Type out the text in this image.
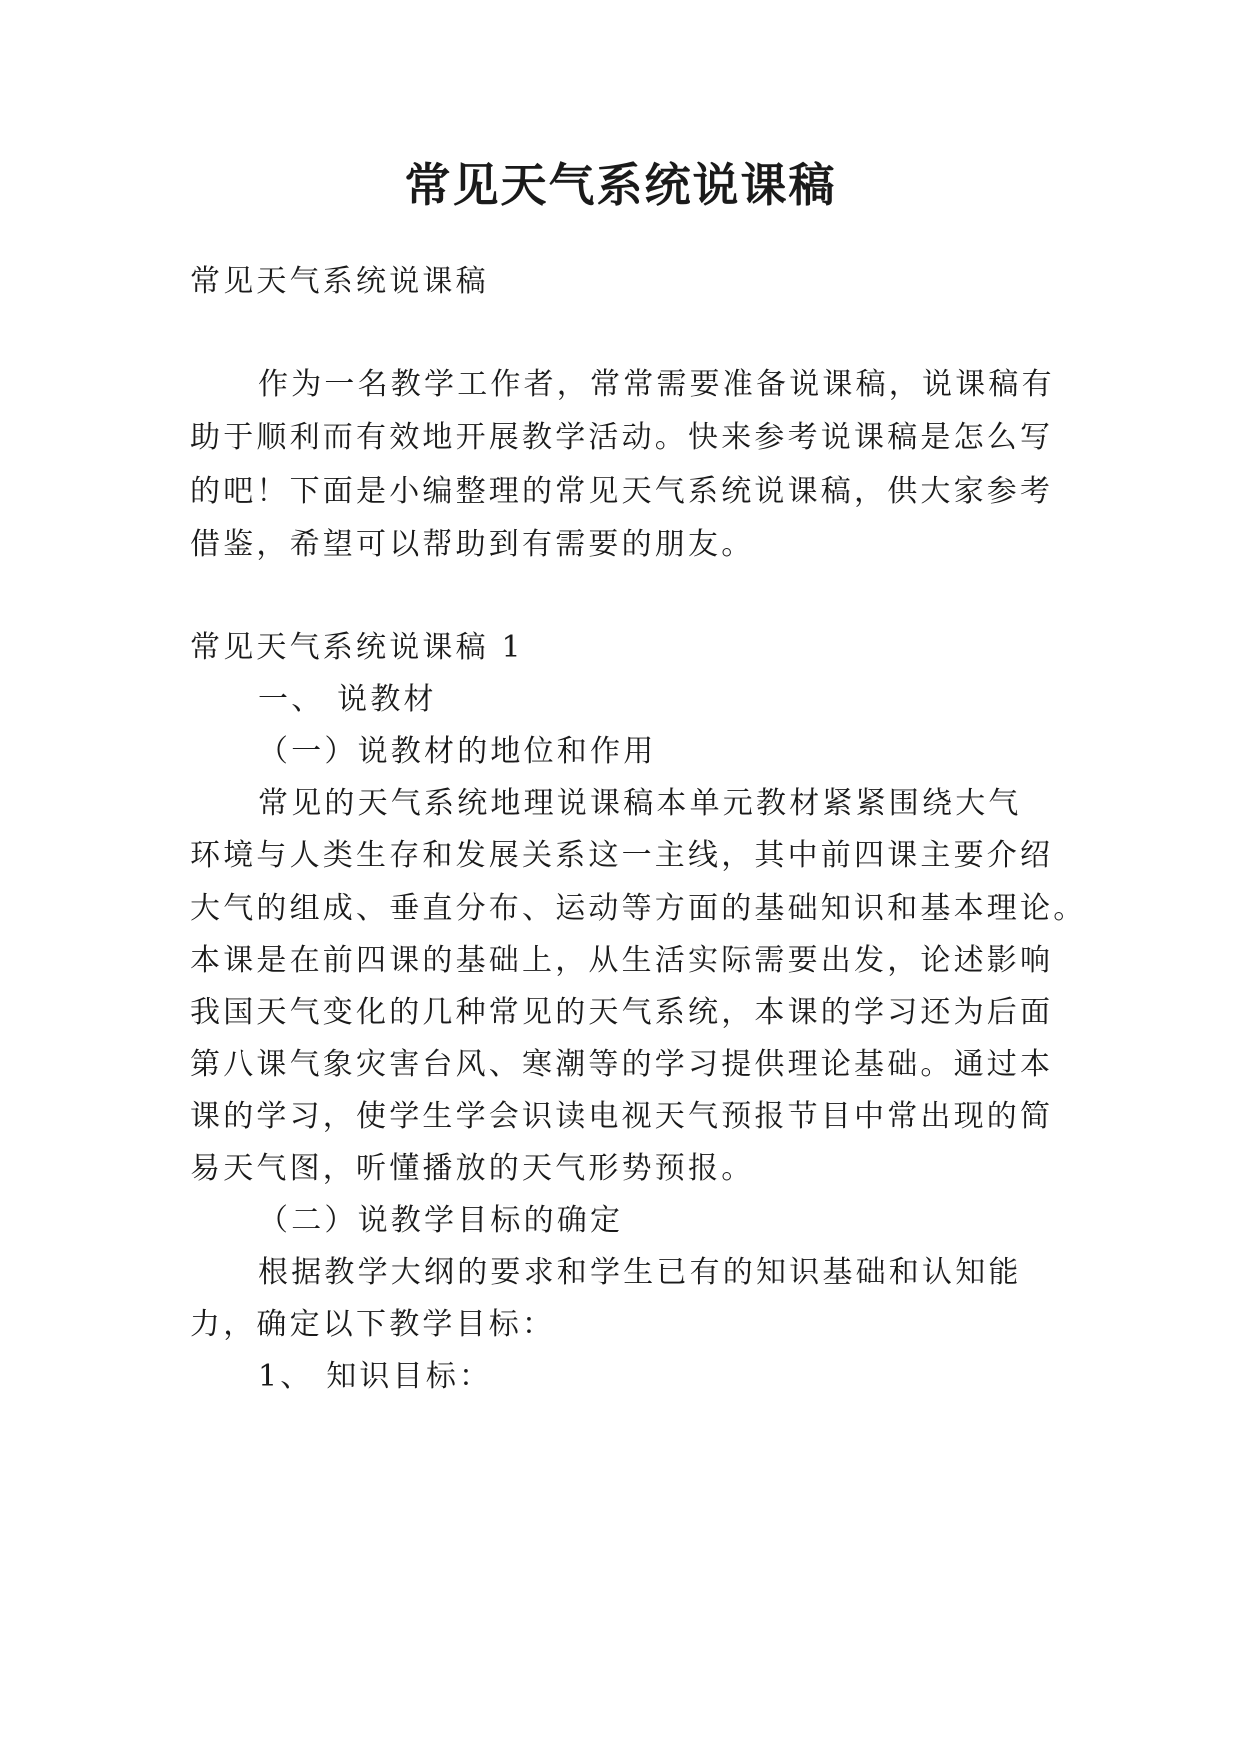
常见天气系统说课稿

常见天气系统说课稿

作为一名教学工作者，常常需要准备说课稿，说课稿有

助于顺利而有效地开展教学活动。快来参考说课稿是怎么写

的吧！下面是小编整理的常见天气系统说课稿，供大家参考

借鉴，希望可以帮助到有需要的朋友。

常见天气系统说课稿 1

一、 说教材

（一）说教材的地位和作用

常见的天气系统地理说课稿本单元教材紧紧围绕大气

环境与人类生存和发展关系这一主线，其中前四课主要介绍

大气的组成、垂直分布、运动等方面的基础知识和基本理论。

本课是在前四课的基础上，从生活实际需要出发，论述影响

我国天气变化的几种常见的天气系统，本课的学习还为后面

第八课气象灾害台风、寒潮等的学习提供理论基础。通过本

课的学习，使学生学会识读电视天气预报节目中常出现的简

易天气图，听懂播放的天气形势预报。

（二）说教学目标的确定

根据教学大纲的要求和学生已有的知识基础和认知能

力，确定以下教学目标：

1、 知识目标：
